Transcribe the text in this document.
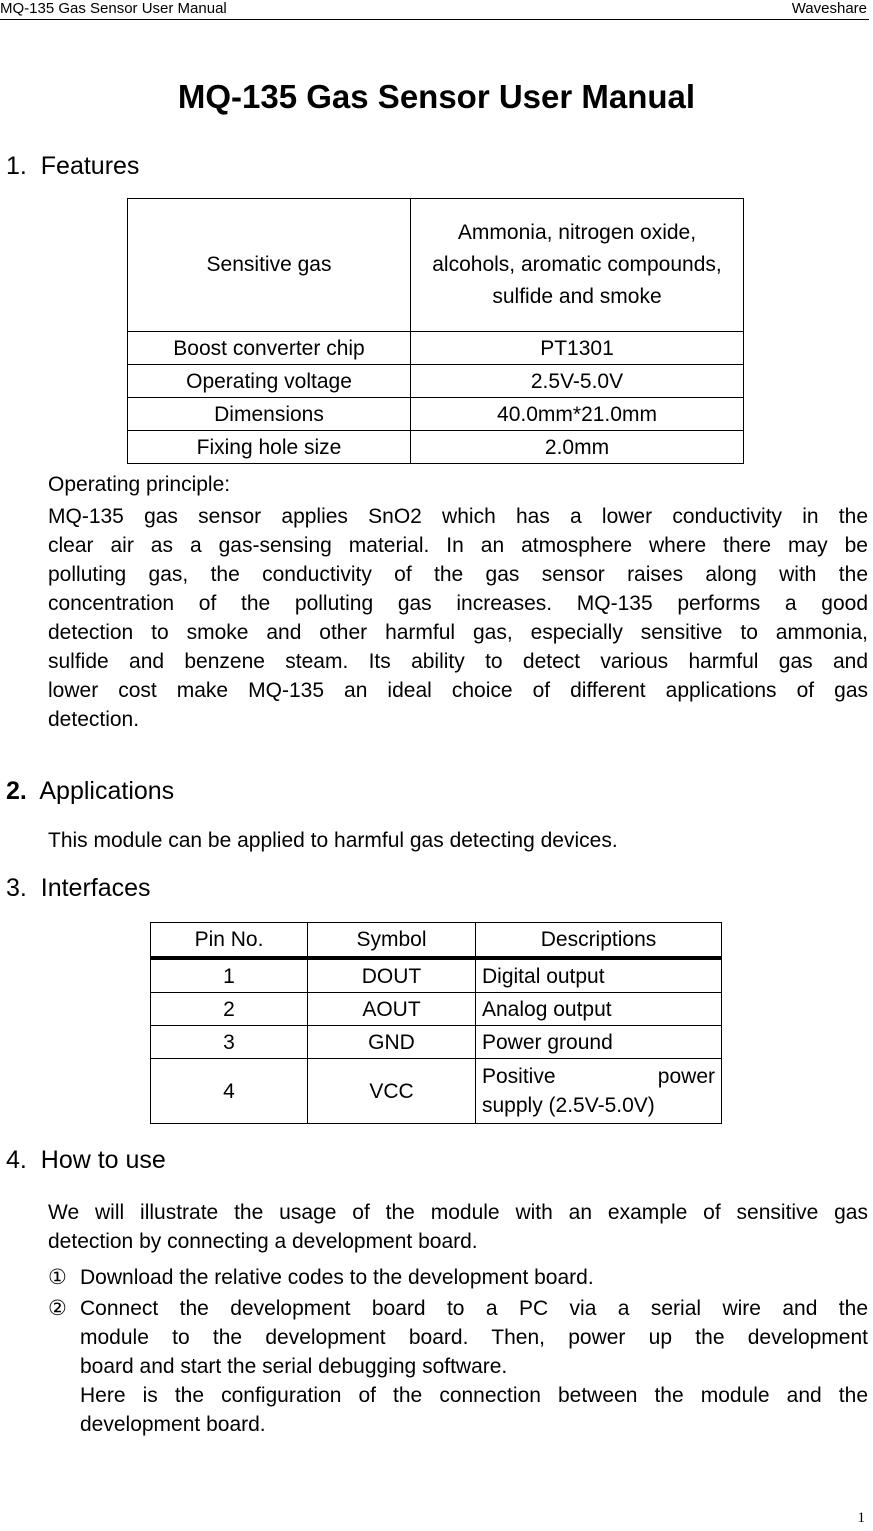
MQ-135 Gas Sensor User Manual	Waveshare
MQ-135 Gas Sensor User Manual
1. Features
Sensitive gas	Ammonia, nitrogen oxide, alcohols, aromatic compounds, sulfide and smoke
Boost converter chip	PT1301
Operating voltage	2.5V-5.0V
Dimensions	40.0mm*21.0mm
Fixing hole size	2.0mm
Operating principle:
MQ-135 gas sensor applies SnO2 which has a lower conductivity in the
clear air as a gas-sensing material. In an atmosphere where there may be
polluting gas, the conductivity of the gas sensor raises along with the
concentration of the polluting gas increases. MQ-135 performs a good
detection to smoke and other harmful gas, especially sensitive to ammonia,
sulfide and benzene steam. Its ability to detect various harmful gas and
lower cost make MQ-135 an ideal choice of different applications of gas
detection.
2. Applications
This module can be applied to harmful gas detecting devices.
3. Interfaces
Pin No.	Symbol	Descriptions
1	DOUT	Digital output
2	AOUT	Analog output
3	GND	Power ground
4	VCC	Positive power
supply (2.5V-5.0V)
4. How to use
We will illustrate the usage of the module with an example of sensitive gas
detection by connecting a development board.
① Download the relative codes to the development board.
② Connect the development board to a PC via a serial wire and the
module to the development board. Then, power up the development
board and start the serial debugging software.
Here is the configuration of the connection between the module and the
development board.
1
